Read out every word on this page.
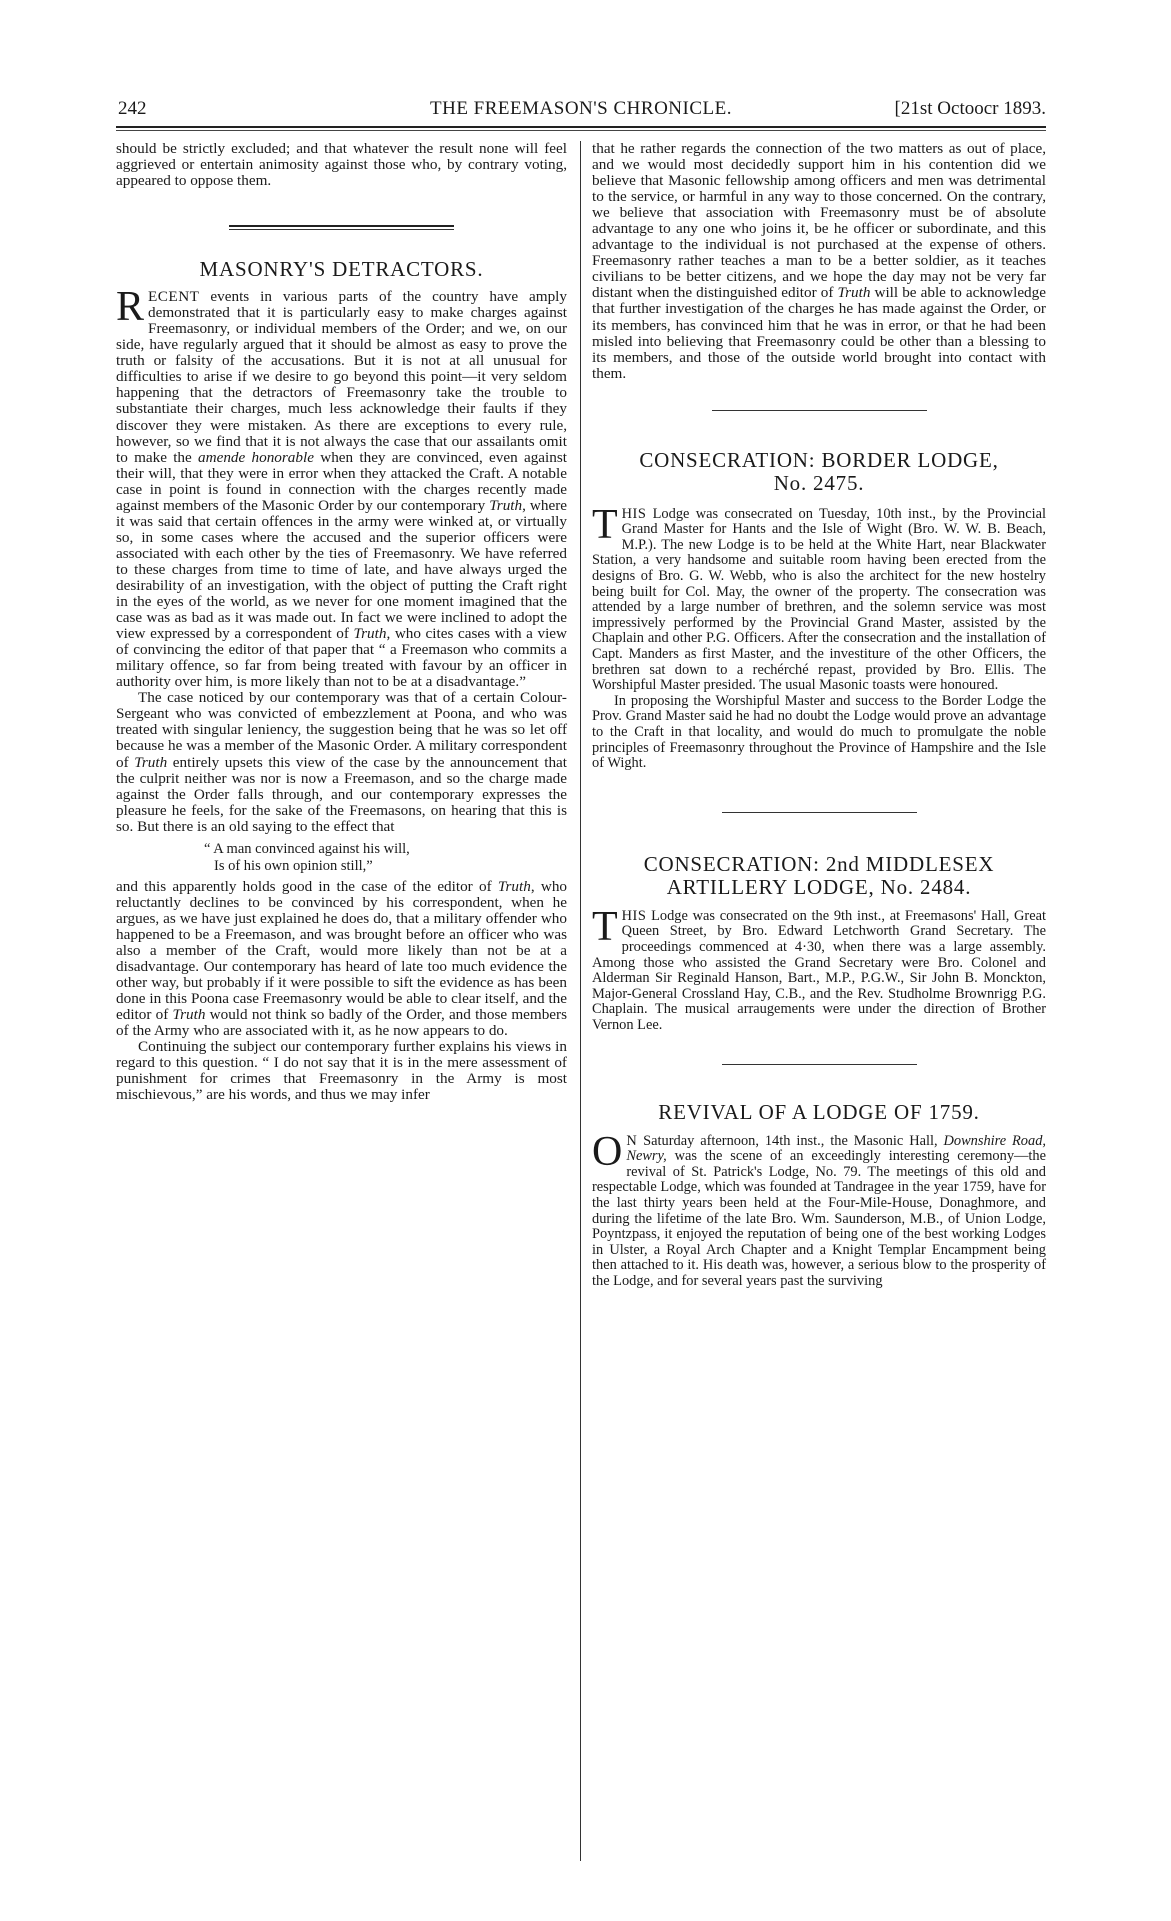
242	THE FREEMASON'S CHRONICLE.	[21st Octoocr 1893.

should be strictly excluded; and that whatever the result none will feel aggrieved or entertain animosity against those who, by contrary voting, appeared to oppose them.

MASONRY'S DETRACTORS.

RECENT events in various parts of the country have amply demonstrated that it is particularly easy to make charges against Freemasonry, or individual members of the Order; and we, on our side, have regularly argued that it should be almost as easy to prove the truth or falsity of the accusations. But it is not at all unusual for difficulties to arise if we desire to go beyond this point—it very seldom happening that the detractors of Freemasonry take the trouble to substantiate their charges, much less acknowledge their faults if they discover they were mistaken. As there are exceptions to every rule, however, so we find that it is not always the case that our assailants omit to make the amende honorable when they are convinced, even against their will, that they were in error when they attacked the Craft. A notable case in point is found in connection with the charges recently made against members of the Masonic Order by our contemporary Truth, where it was said that certain offences in the army were winked at, or virtually so, in some cases where the accused and the superior officers were associated with each other by the ties of Freemasonry. We have referred to these charges from time to time of late, and have always urged the desirability of an investigation, with the object of putting the Craft right in the eyes of the world, as we never for one moment imagined that the case was as bad as it was made out. In fact we were inclined to adopt the view expressed by a correspondent of Truth, who cites cases with a view of convincing the editor of that paper that “ a Freemason who commits a military offence, so far from being treated with favour by an officer in authority over him, is more likely than not to be at a disadvantage.”

The case noticed by our contemporary was that of a certain Colour-Sergeant who was convicted of embezzlement at Poona, and who was treated with singular leniency, the suggestion being that he was so let off because he was a member of the Masonic Order. A military correspondent of Truth entirely upsets this view of the case by the announcement that the culprit neither was nor is now a Freemason, and so the charge made against the Order falls through, and our contemporary expresses the pleasure he feels, for the sake of the Freemasons, on hearing that this is so. But there is an old saying to the effect that

“ A man convinced against his will,
Is of his own opinion still,”

and this apparently holds good in the case of the editor of Truth, who reluctantly declines to be convinced by his correspondent, when he argues, as we have just explained he does do, that a military offender who happened to be a Freemason, and was brought before an officer who was also a member of the Craft, would more likely than not be at a disadvantage. Our contemporary has heard of late too much evidence the other way, but probably if it were possible to sift the evidence as has been done in this Poona case Freemasonry would be able to clear itself, and the editor of Truth would not think so badly of the Order, and those members of the Army who are associated with it, as he now appears to do.

Continuing the subject our contemporary further explains his views in regard to this question. “ I do not say that it is in the mere assessment of punishment for crimes that Freemasonry in the Army is most mischievous,” are his words, and thus we may infer

that he rather regards the connection of the two matters as out of place, and we would most decidedly support him in his contention did we believe that Masonic fellowship among officers and men was detrimental to the service, or harmful in any way to those concerned. On the contrary, we believe that association with Freemasonry must be of absolute advantage to any one who joins it, be he officer or subordinate, and this advantage to the individual is not purchased at the expense of others. Freemasonry rather teaches a man to be a better soldier, as it teaches civilians to be better citizens, and we hope the day may not be very far distant when the distinguished editor of Truth will be able to acknowledge that further investigation of the charges he has made against the Order, or its members, has convinced him that he was in error, or that he had been misled into believing that Freemasonry could be other than a blessing to its members, and those of the outside world brought into contact with them.

CONSECRATION: BORDER LODGE,
No. 2475.

THIS Lodge was consecrated on Tuesday, 10th inst., by the Provincial Grand Master for Hants and the Isle of Wight (Bro. W. W. B. Beach, M.P.). The new Lodge is to be held at the White Hart, near Blackwater Station, a very handsome and suitable room having been erected from the designs of Bro. G. W. Webb, who is also the architect for the new hostelry being built for Col. May, the owner of the property. The consecration was attended by a large number of brethren, and the solemn service was most impressively performed by the Provincial Grand Master, assisted by the Chaplain and other P.G. Officers. After the consecration and the installation of Capt. Manders as first Master, and the investiture of the other Officers, the brethren sat down to a rechérché repast, provided by Bro. Ellis. The Worshipful Master presided. The usual Masonic toasts were honoured.

In proposing the Worshipful Master and success to the Border Lodge the Prov. Grand Master said he had no doubt the Lodge would prove an advantage to the Craft in that locality, and would do much to promulgate the noble principles of Freemasonry throughout the Province of Hampshire and the Isle of Wight.

CONSECRATION: 2nd MIDDLESEX
ARTILLERY LODGE, No. 2484.

THIS Lodge was consecrated on the 9th inst., at Freemasons' Hall, Great Queen Street, by Bro. Edward Letchworth Grand Secretary. The proceedings commenced at 4·30, when there was a large assembly. Among those who assisted the Grand Secretary were Bro. Colonel and Alderman Sir Reginald Hanson, Bart., M.P., P.G.W., Sir John B. Monckton, Major-General Crossland Hay, C.B., and the Rev. Studholme Brownrigg P.G. Chaplain. The musical arraugements were under the direction of Brother Vernon Lee.

REVIVAL OF A LODGE OF 1759.

O N Saturday afternoon, 14th inst., the Masonic Hall, Downshire Road, Newry, was the scene of an exceedingly interesting ceremony—the revival of St. Patrick's Lodge, No. 79. The meetings of this old and respectable Lodge, which was founded at Tandragee in the year 1759, have for the last thirty years been held at the Four-Mile-House, Donaghmore, and during the lifetime of the late Bro. Wm. Saunderson, M.B., of Union Lodge, Poyntzpass, it enjoyed the reputation of being one of the best working Lodges in Ulster, a Royal Arch Chapter and a Knight Templar Encampment being then attached to it. His death was, however, a serious blow to the prosperity of the Lodge, and for several years past the surviving
